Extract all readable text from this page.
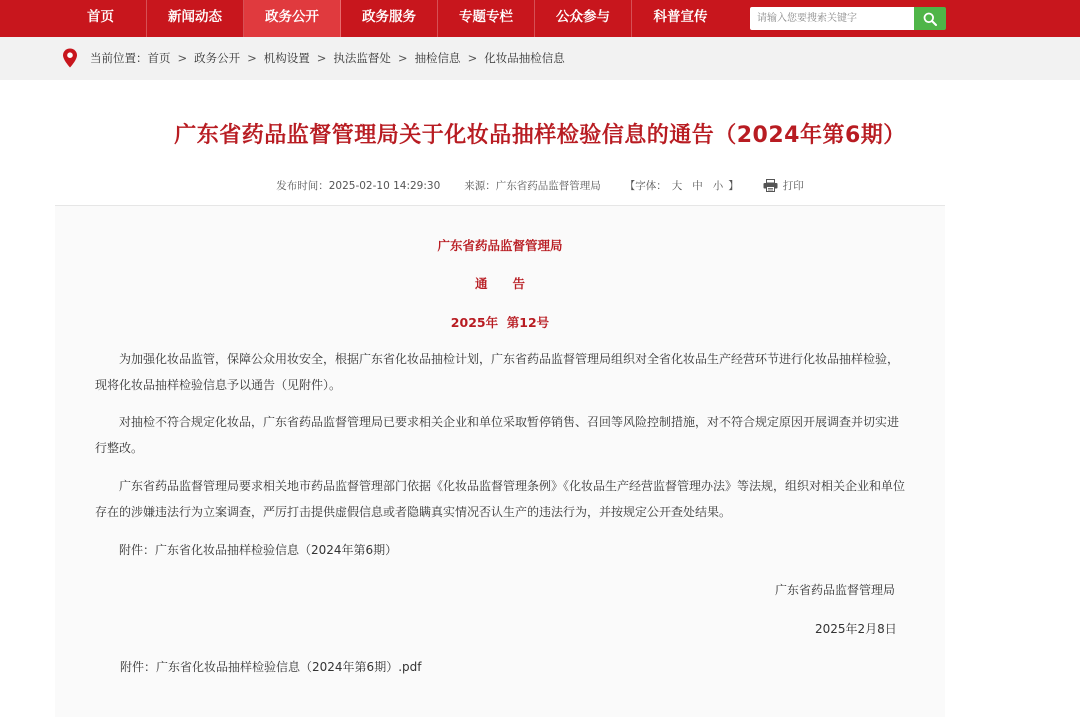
首页	新闻动态	政务公开	政务服务	专题专栏	公众参与	科普宣传
请输入您要搜索关键字
当前位置： 首页 > 政务公开 > 机构设置 > 执法监督处 > 抽检信息 > 化妆品抽检信息
广东省药品监督管理局关于化妆品抽样检验信息的通告（2024年第6期）
发布时间： 2025-02-10 14:29:30 来源： 广东省药品监督管理局 【字体： 大 中 小 】	打印
广东省药品监督管理局
通　　告
2025年  第12号
为加强化妆品监管，保障公众用妆安全，根据广东省化妆品抽检计划，广东省药品监督管理局组织对全省化妆品生产经营环节进行化妆品抽样检验，现将化妆品抽样检验信息予以通告（见附件）。
对抽检不符合规定化妆品，广东省药品监督管理局已要求相关企业和单位采取暂停销售、召回等风险控制措施，对不符合规定原因开展调查并切实进行整改。
广东省药品监督管理局要求相关地市药品监督管理部门依据《化妆品监督管理条例》《化妆品生产经营监督管理办法》等法规，组织对相关企业和单位存在的涉嫌违法行为立案调查，严厉打击提供虚假信息或者隐瞒真实情况否认生产的违法行为，并按规定公开查处结果。
附件：广东省化妆品抽样检验信息（2024年第6期）
广东省药品监督管理局
2025年2月8日
附件：广东省化妆品抽样检验信息（2024年第6期）.pdf
